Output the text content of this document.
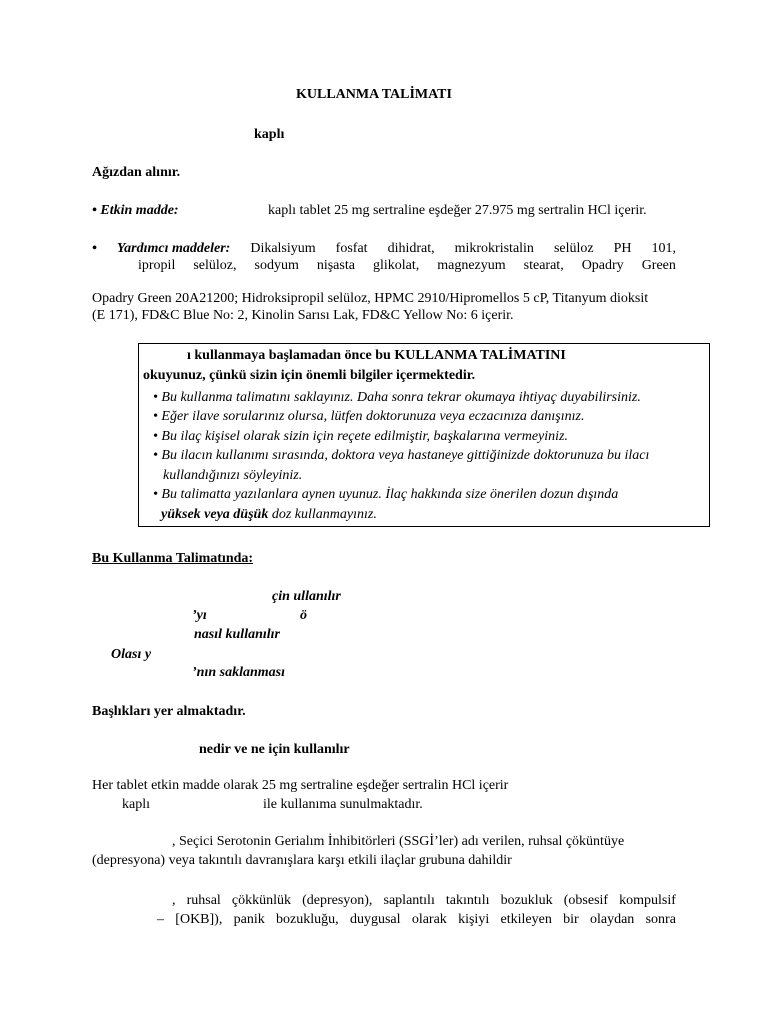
KULLANMA TALİMATI
kaplı
Ağızdan alınır.
• Etkin madde:	kaplı tablet 25 mg sertraline eşdeğer 27.975 mg sertralin HCl içerir.
• Yardımcı maddeler: Dikalsiyum fosfat dihidrat, mikrokristalin selüloz PH 101,
ipropil selüloz, sodyum nişasta glikolat, magnezyum stearat, Opadry Green
Opadry Green 20A21200; Hidroksipropil selüloz, HPMC 2910/Hipromellos 5 cP, Titanyum dioksit
(E 171), FD&C Blue No: 2, Kinolin Sarısı Lak, FD&C Yellow No: 6 içerir.
ı kullanmaya başlamadan önce bu KULLANMA TALİMATINI
okuyunuz, çünkü sizin için önemli bilgiler içermektedir.
• Bu kullanma talimatını saklayınız. Daha sonra tekrar okumaya ihtiyaç duyabilirsiniz.
• Eğer ilave sorularınız olursa, lütfen doktorunuza veya eczacınıza danışınız.
• Bu ilaç kişisel olarak sizin için reçete edilmiştir, başkalarına vermeyiniz.
• Bu ilacın kullanımı sırasında, doktora veya hastaneye gittiğinizde doktorunuza bu ilacı
kullandığınızı söyleyiniz.
• Bu talimatta yazılanlara aynen uyunuz. İlaç hakkında size önerilen dozun dışında
yüksek veya düşük doz kullanmayınız.
Bu Kullanma Talimatında:
çin ullanılır
’yı	ö
nasıl kullanılır
Olası y
’nın saklanması
Başlıkları yer almaktadır.
nedir ve ne için kullanılır
Her tablet etkin madde olarak 25 mg sertraline eşdeğer sertralin HCl içerir
kaplı	ile kullanıma sunulmaktadır.
, Seçici Serotonin Gerialım İnhibitörleri (SSGİ’ler) adı verilen, ruhsal çöküntüye
(depresyona) veya takıntılı davranışlara karşı etkili ilaçlar grubuna dahildir
, ruhsal çökkünlük (depresyon), saplantılı takıntılı bozukluk (obsesif kompulsif
– [OKB]), panik bozukluğu, duygusal olarak kişiyi etkileyen bir olaydan sonra
